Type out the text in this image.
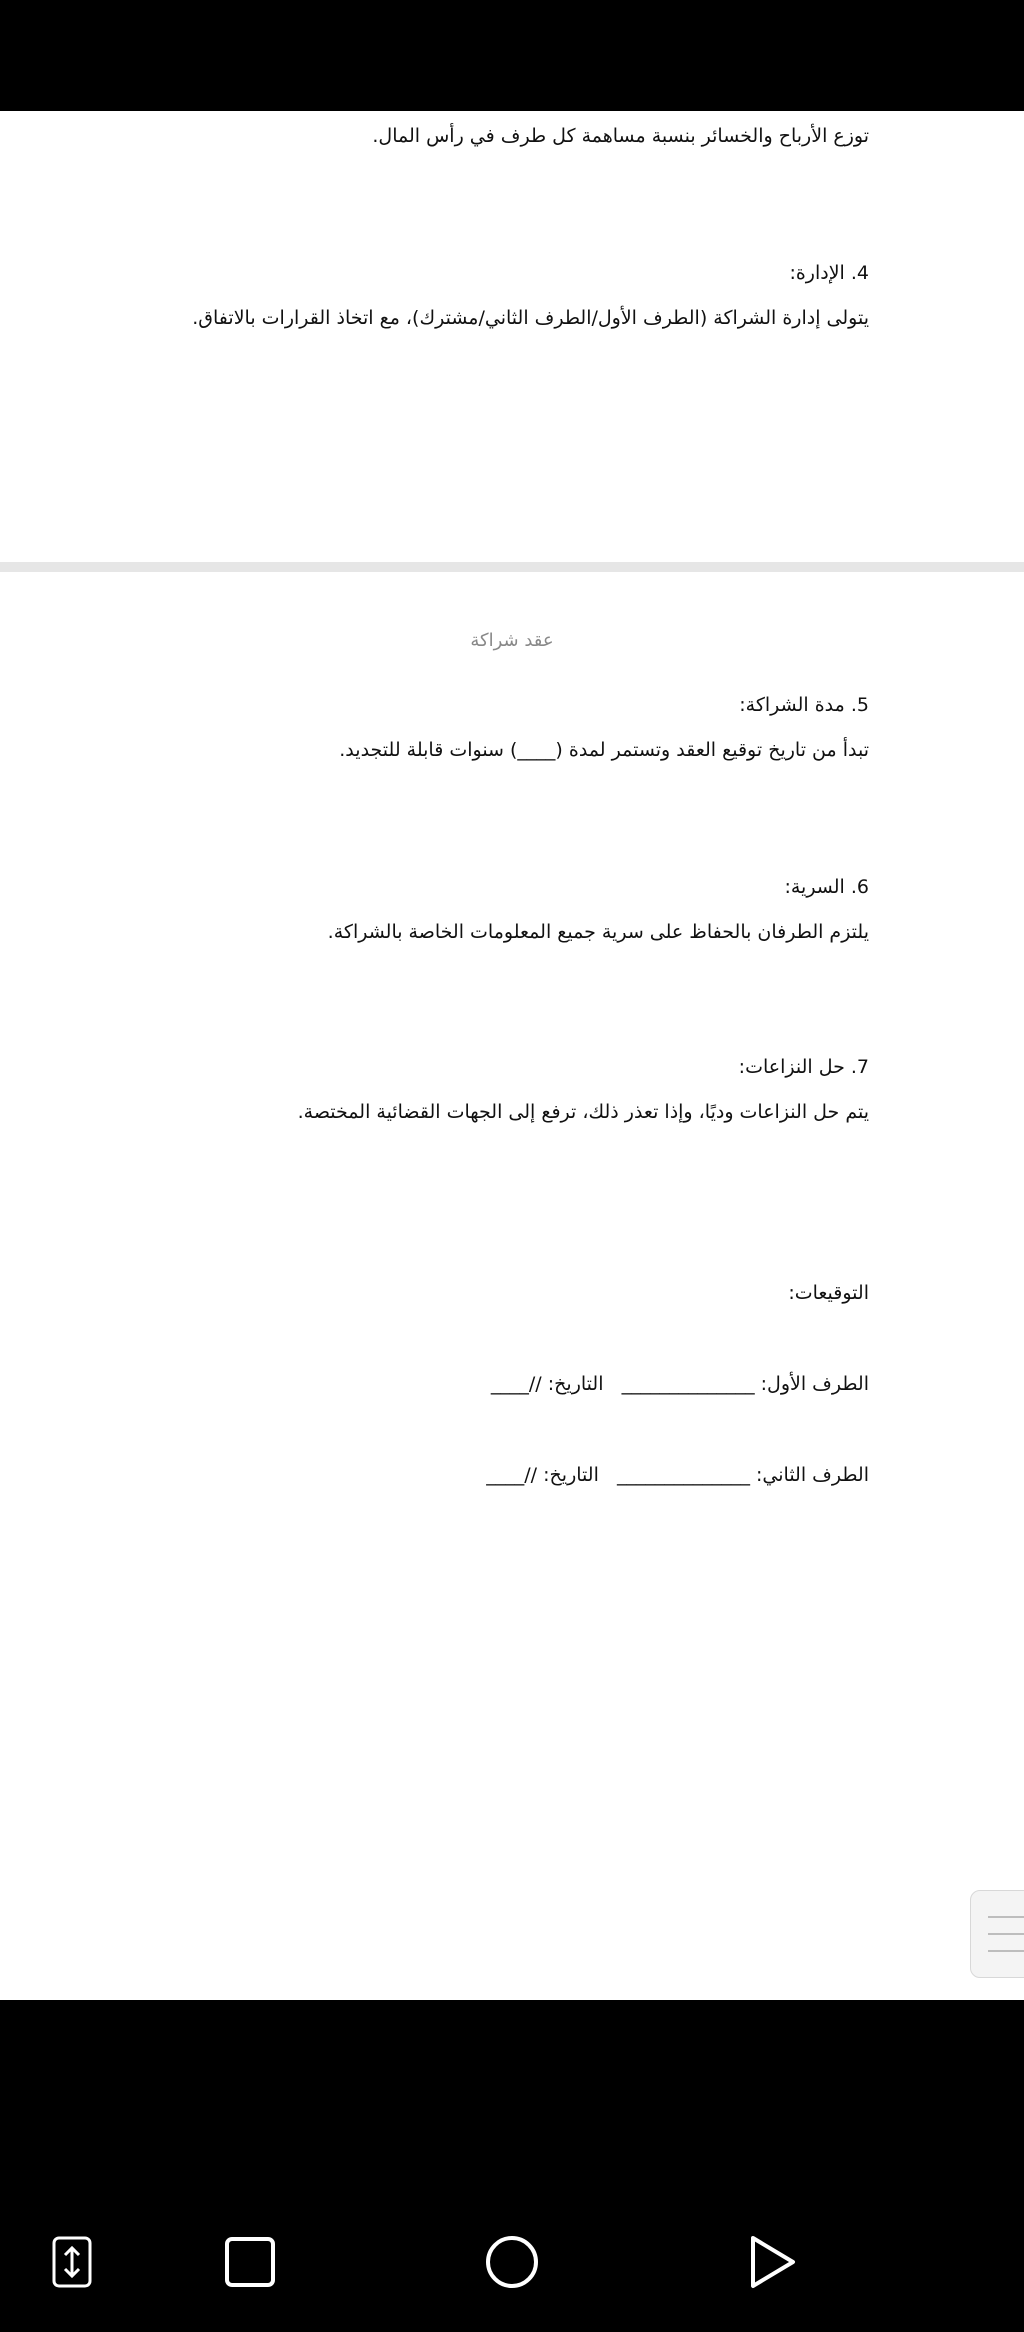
توزع الأرباح والخسائر بنسبة مساهمة كل طرف في رأس المال.
4. الإدارة:
يتولى إدارة الشراكة (الطرف الأول/الطرف الثاني/مشترك)، مع اتخاذ القرارات بالاتفاق.
عقد شراكة
5. مدة الشراكة:
تبدأ من تاريخ توقيع العقد وتستمر لمدة (____) سنوات قابلة للتجديد.
6. السرية:
يلتزم الطرفان بالحفاظ على سرية جميع المعلومات الخاصة بالشراكة.
7. حل النزاعات:
يتم حل النزاعات وديًا، وإذا تعذر ذلك، ترفع إلى الجهات القضائية المختصة.
التوقيعات:
الطرف الأول: ______________   التاريخ: //____
الطرف الثاني: ______________   التاريخ: //____
